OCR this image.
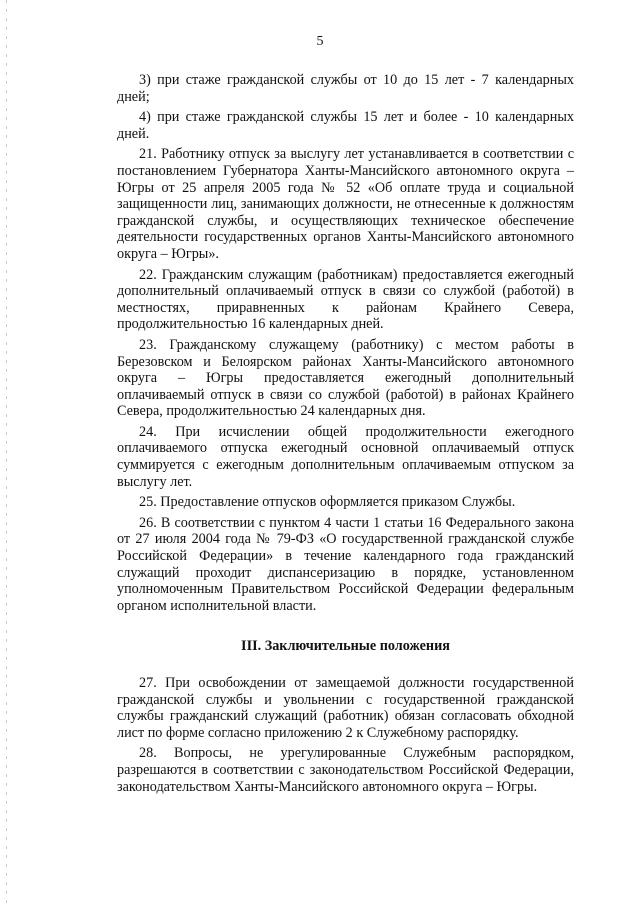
5

3) при стаже гражданской службы от 10 до 15 лет - 7 календарных дней;

4) при стаже гражданской службы 15 лет и более - 10 календарных дней.

21. Работнику отпуск за выслугу лет устанавливается в соответствии с постановлением Губернатора Ханты-Мансийского автономного округа – Югры от 25 апреля 2005 года № 52 «Об оплате труда и социальной защищенности лиц, занимающих должности, не отнесенные к должностям гражданской службы, и осуществляющих техническое обеспечение деятельности государственных органов Ханты-Мансийского автономного округа – Югры».

22. Гражданским служащим (работникам) предоставляется ежегодный дополнительный оплачиваемый отпуск в связи со службой (работой) в местностях, приравненных к районам Крайнего Севера, продолжительностью 16 календарных дней.

23. Гражданскому служащему (работнику) с местом работы в Березовском и Белоярском районах Ханты-Мансийского автономного округа – Югры предоставляется ежегодный дополнительный оплачиваемый отпуск в связи со службой (работой) в районах Крайнего Севера, продолжительностью 24 календарных дня.

24. При исчислении общей продолжительности ежегодного оплачиваемого отпуска ежегодный основной оплачиваемый отпуск суммируется с ежегодным дополнительным оплачиваемым отпуском за выслугу лет.

25. Предоставление отпусков оформляется приказом Службы.

26. В соответствии с пунктом 4 части 1 статьи 16 Федерального закона от 27 июля 2004 года № 79-ФЗ «О государственной гражданской службе Российской Федерации» в течение календарного года гражданский служащий проходит диспансеризацию в порядке, установленном уполномоченным Правительством Российской Федерации федеральным органом исполнительной власти.

III. Заключительные положения

27. При освобождении от замещаемой должности государственной гражданской службы и увольнении с государственной гражданской службы гражданский служащий (работник) обязан согласовать обходной лист по форме согласно приложению 2 к Служебному распорядку.

28. Вопросы, не урегулированные Служебным распорядком, разрешаются в соответствии с законодательством Российской Федерации, законодательством Ханты-Мансийского автономного округа – Югры.
